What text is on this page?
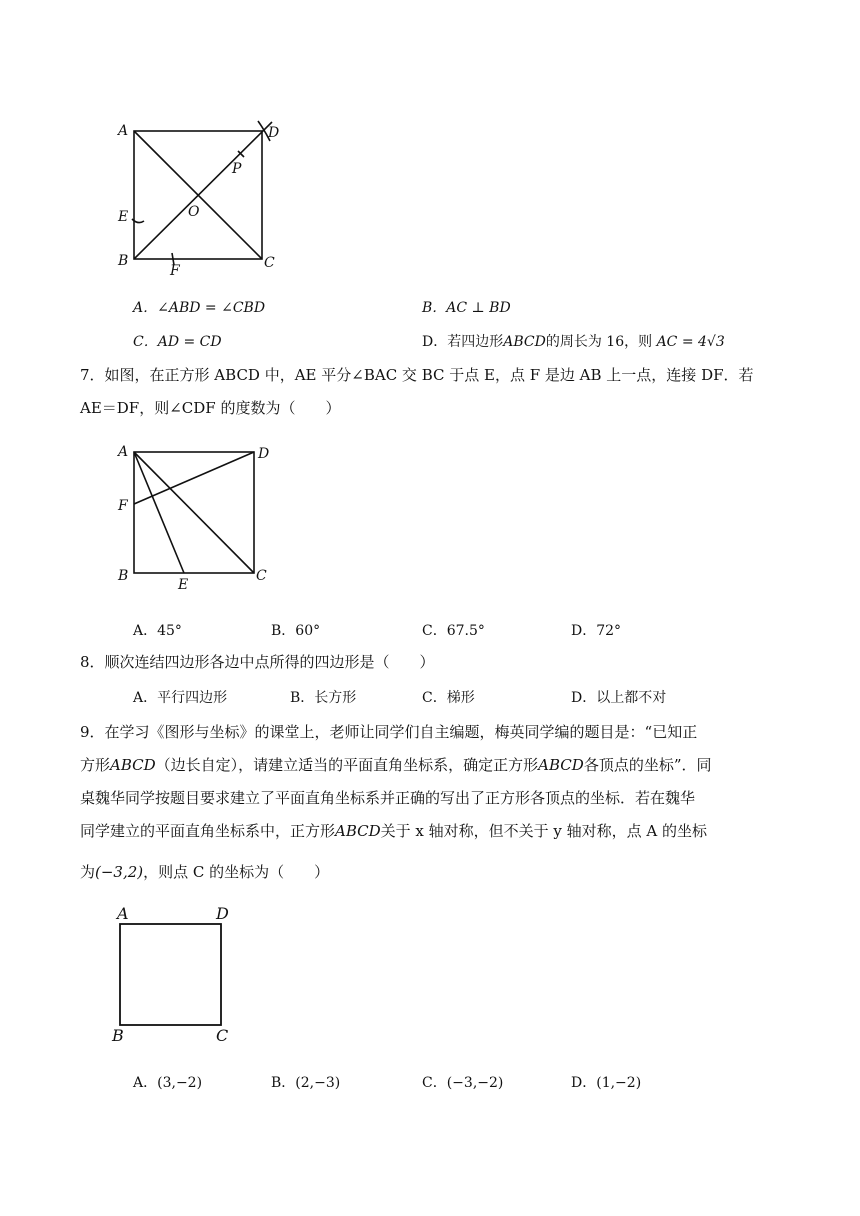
A	D
B	C
E
F
O
P
A．∠ABD = ∠CBD	B．AC ⊥ BD
C．AD = CD	D．若四边形ABCD的周长为 16，则 AC = 4√3
7．如图，在正方形 ABCD 中，AE 平分∠BAC 交 BC 于点 E，点 F 是边 AB 上一点，连接 DF．若
AE＝DF，则∠CDF 的度数为（　　）
A	D
B	C
E
F
A．45°	B．60°	C．67.5°	D．72°
8．顺次连结四边形各边中点所得的四边形是（　　）
A．平行四边形	B．长方形	C．梯形	D．以上都不对
9．在学习《图形与坐标》的课堂上，老师让同学们自主编题，梅英同学编的题目是：“已知正
方形ABCD（边长自定），请建立适当的平面直角坐标系，确定正方形ABCD各顶点的坐标”．同
桌魏华同学按题目要求建立了平面直角坐标系并正确的写出了正方形各顶点的坐标．若在魏华
同学建立的平面直角坐标系中，正方形ABCD关于 x 轴对称，但不关于 y 轴对称，点 A 的坐标
为(−3,2)，则点 C 的坐标为（　　）
A	D
B	C
A．(3,−2)	B．(2,−3)	C．(−3,−2)	D．(1,−2)
